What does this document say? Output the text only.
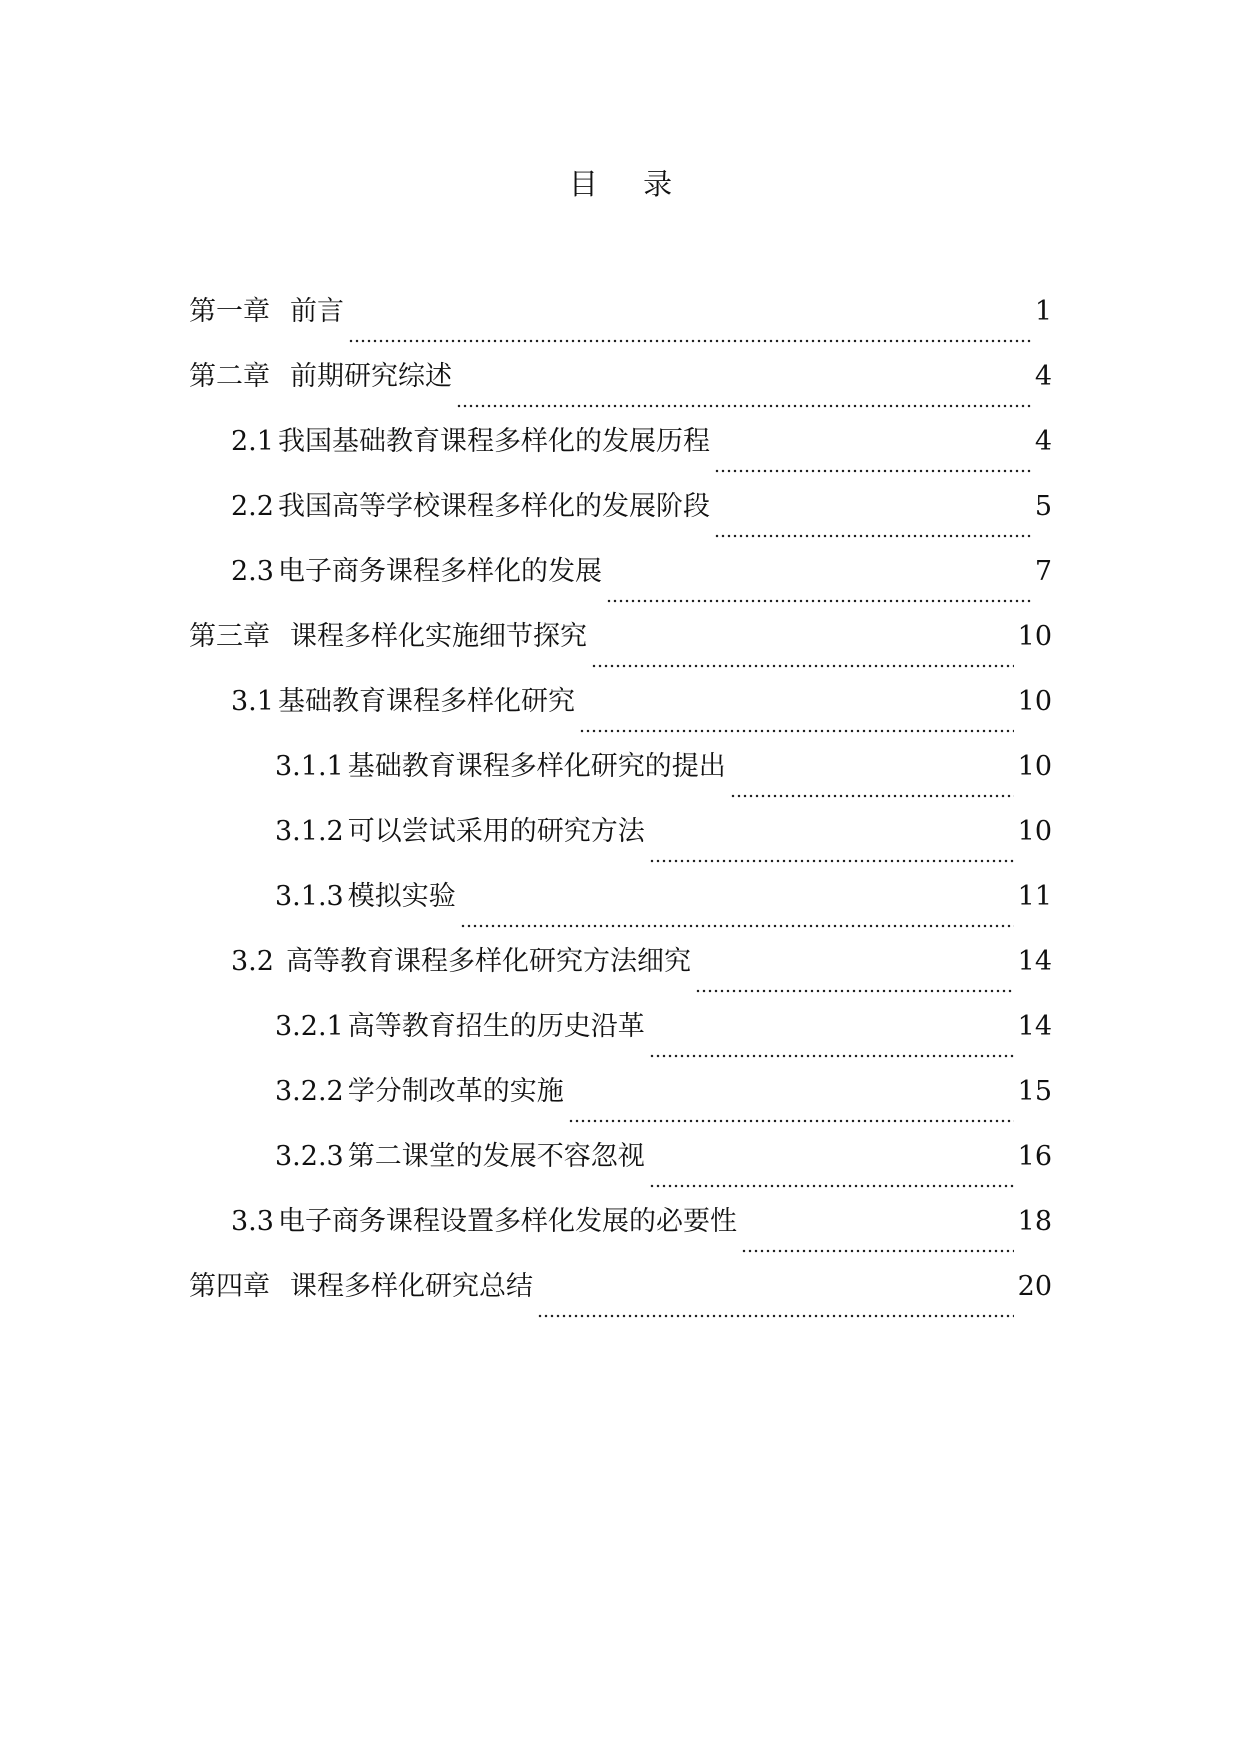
目 录
第一章 前言	1
第二章 前期研究综述	4
2.1 我国基础教育课程多样化的发展历程	4
2.2 我国高等学校课程多样化的发展阶段	5
2.3 电子商务课程多样化的发展	7
第三章 课程多样化实施细节探究	10
3.1 基础教育课程多样化研究	10
3.1.1 基础教育课程多样化研究的提出	10
3.1.2 可以尝试采用的研究方法	10
3.1.3 模拟实验	11
3.2 高等教育课程多样化研究方法细究	14
3.2.1 高等教育招生的历史沿革	14
3.2.2 学分制改革的实施	15
3.2.3 第二课堂的发展不容忽视	16
3.3 电子商务课程设置多样化发展的必要性	18
第四章 课程多样化研究总结	20
